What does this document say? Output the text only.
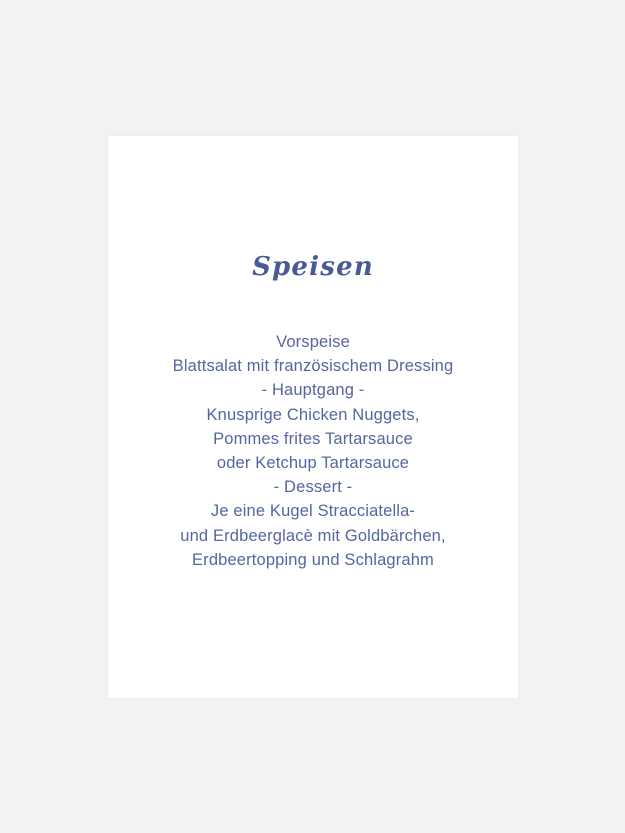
Speisen
Vorspeise
Blattsalat mit französischem Dressing
- Hauptgang -
Knusprige Chicken Nuggets,
Pommes frites Tartarsauce
oder Ketchup Tartarsauce
- Dessert -
Je eine Kugel Stracciatella-
und Erdbeerglacè mit Goldbärchen,
Erdbeertopping und Schlagrahm
